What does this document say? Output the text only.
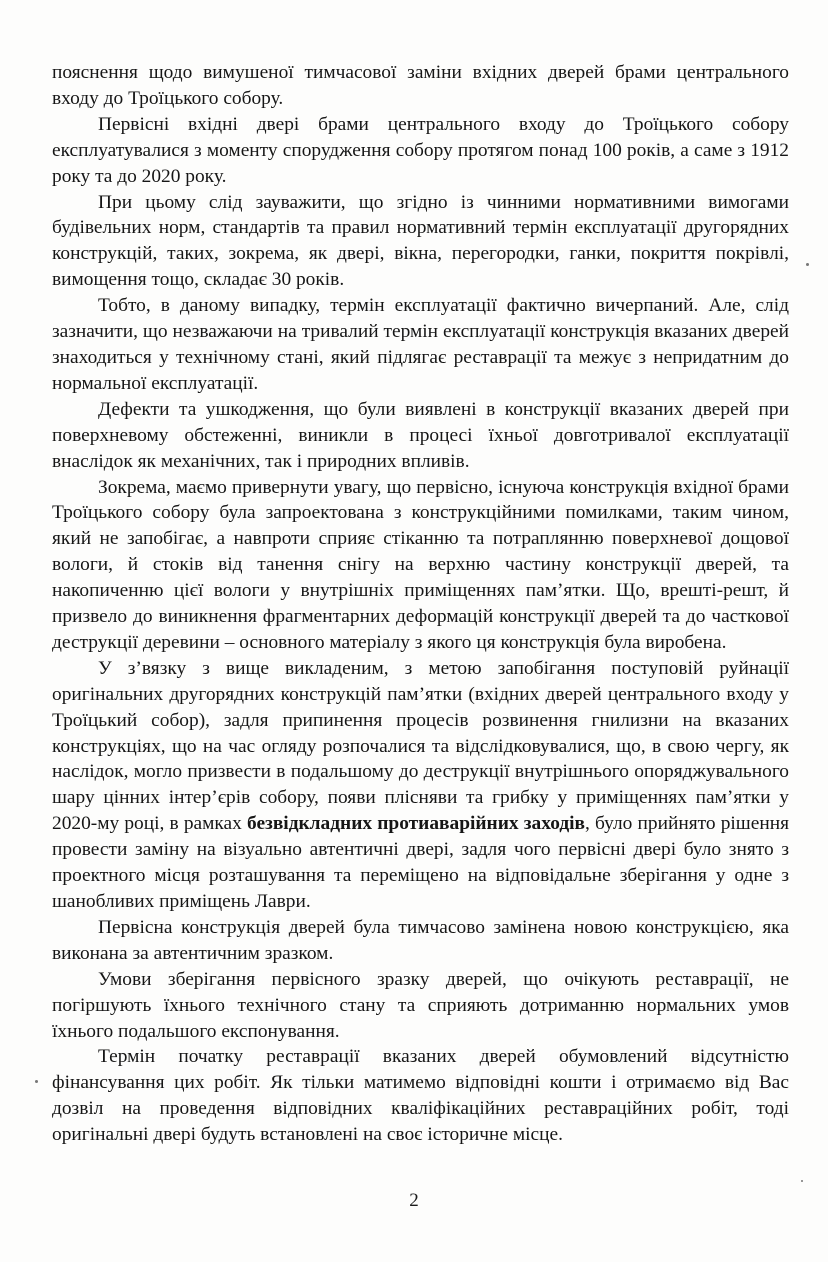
пояснення щодо вимушеної тимчасової заміни вхідних дверей брами центрального входу до Троїцького собору.

Первісні вхідні двері брами центрального входу до Троїцького собору експлуатувалися з моменту спорудження собору протягом понад 100 років, а саме з 1912 року та до 2020 року.

При цьому слід зауважити, що згідно із чинними нормативними вимогами будівельних норм, стандартів та правил нормативний термін експлуатації другорядних конструкцій, таких, зокрема, як двері, вікна, перегородки, ганки, покриття покрівлі, вимощення тощо, складає 30 років.

Тобто, в даному випадку, термін експлуатації фактично вичерпаний. Але, слід зазначити, що незважаючи на тривалий термін експлуатації конструкція вказаних дверей знаходиться у технічному стані, який підлягає реставрації та межує з непридатним до нормальної експлуатації.

Дефекти та ушкодження, що були виявлені в конструкції вказаних дверей при поверхневому обстеженні, виникли в процесі їхньої довготривалої експлуатації внаслідок як механічних, так і природних впливів.

Зокрема, маємо привернути увагу, що первісно, існуюча конструкція вхідної брами Троїцького собору була запроектована з конструкційними помилками, таким чином, який не запобігає, а навпроти сприяє стіканню та потраплянню поверхневої дощової вологи, й стоків від танення снігу на верхню частину конструкції дверей, та накопиченню цієї вологи у внутрішніх приміщеннях пам’ятки. Що, врешті-решт, й призвело до виникнення фрагментарних деформацій конструкції дверей та до часткової деструкції деревини – основного матеріалу з якого ця конструкція була виробена.

У з’вязку з вище викладеним, з метою запобігання поступовій руйнації оригінальних другорядних конструкцій пам’ятки (вхідних дверей центрального входу у Троїцький собор), задля припинення процесів розвинення гнилизни на вказаних конструкціях, що на час огляду розпочалися та відслідковувалися, що, в свою чергу, як наслідок, могло призвести в подальшому до деструкції внутрішнього опоряджувального шару цінних інтер’єрів собору, появи плісняви та грибку у приміщеннях пам’ятки у 2020-му році, в рамках безвідкладних протиаварійних заходів, було прийнято рішення провести заміну на візуально автентичні двері, задля чого первісні двері було знято з проектного місця розташування та переміщено на відповідальне зберігання у одне з шанобливих приміщень Лаври.

Первісна конструкція дверей була тимчасово замінена новою конструкцією, яка виконана за автентичним зразком.

Умови зберігання первісного зразку дверей, що очікують реставрації, не погіршують їхнього технічного стану та сприяють дотриманню нормальних умов їхнього подальшого експонування.

Термін початку реставрації вказаних дверей обумовлений відсутністю фінансування цих робіт. Як тільки матимемо відповідні кошти і отримаємо від Вас дозвіл на проведення відповідних кваліфікаційних реставраційних робіт, тоді оригінальні двері будуть встановлені на своє історичне місце.

2
